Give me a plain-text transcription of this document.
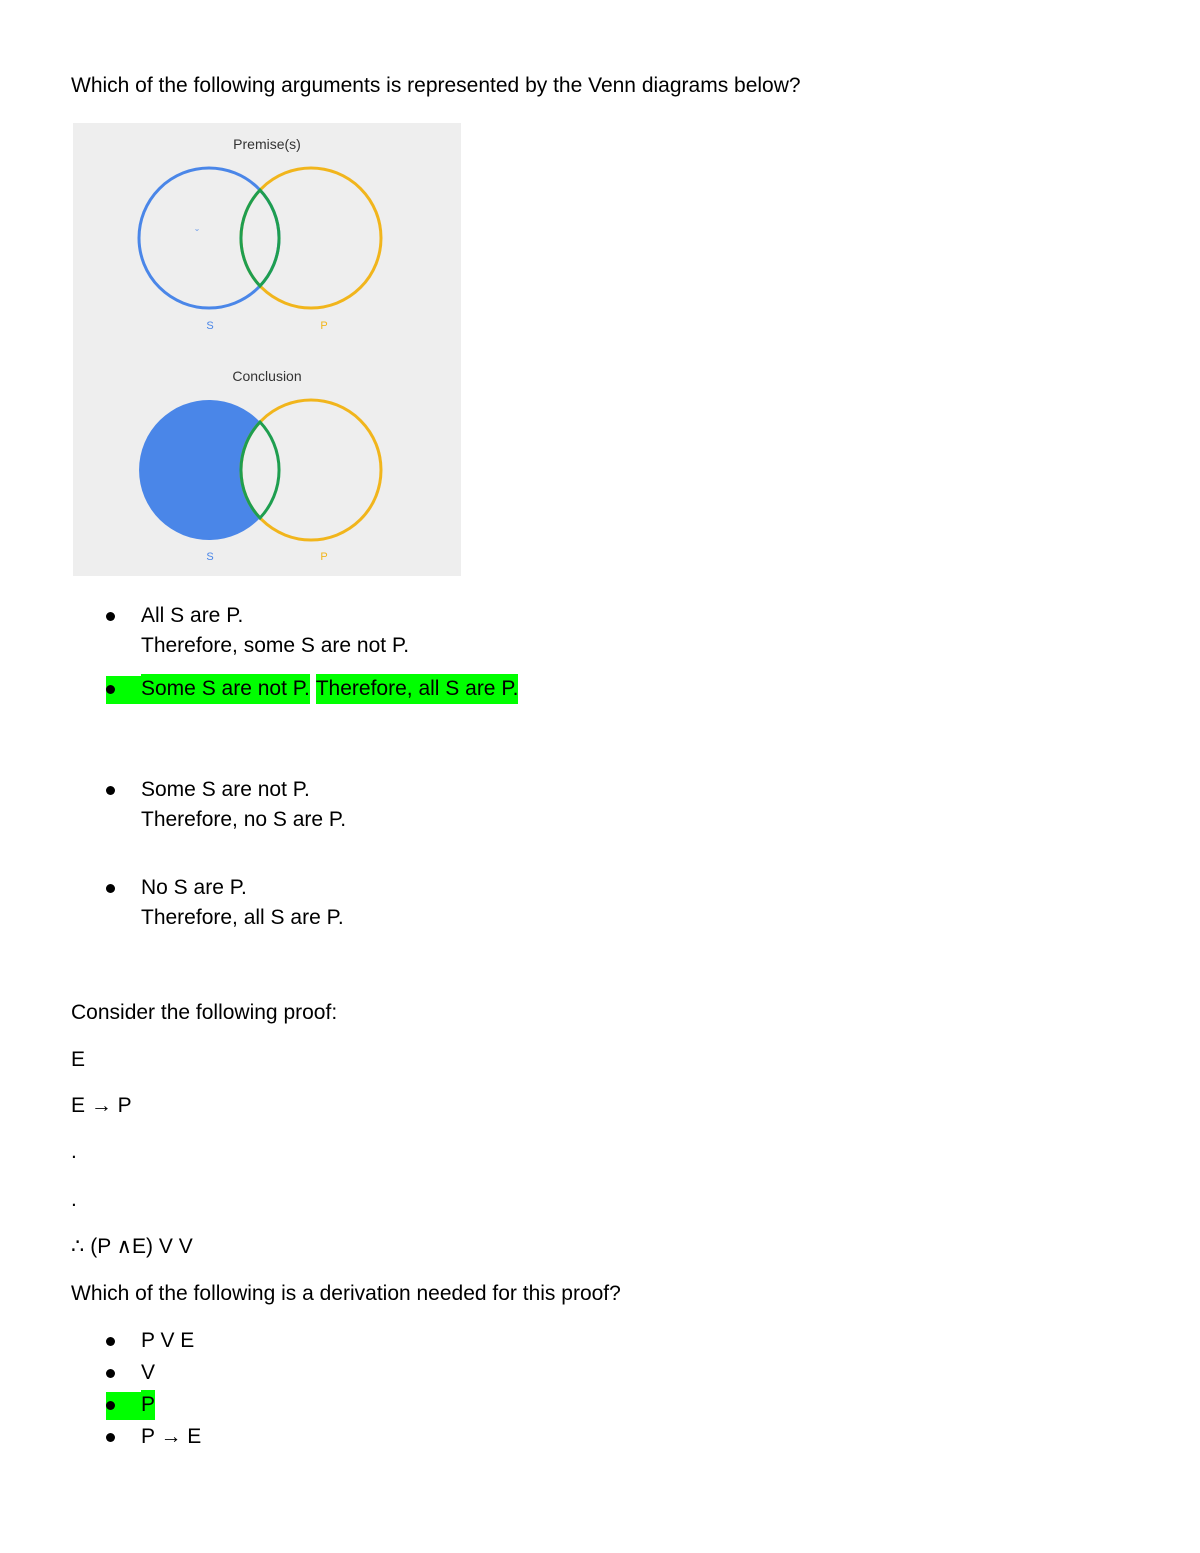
Which of the following arguments is represented by the Venn diagrams below?
Premise(s)
˘
S	P
Conclusion
S	P
All S are P.
Therefore, some S are not P.
Some S are not P. Therefore, all S are P.
Some S are not P.
Therefore, no S are P.
No S are P.
Therefore, all S are P.
Consider the following proof:
E
E → P
.
.
∴ (P ∧E) V V
Which of the following is a derivation needed for this proof?
P V E
V
P
P → E
